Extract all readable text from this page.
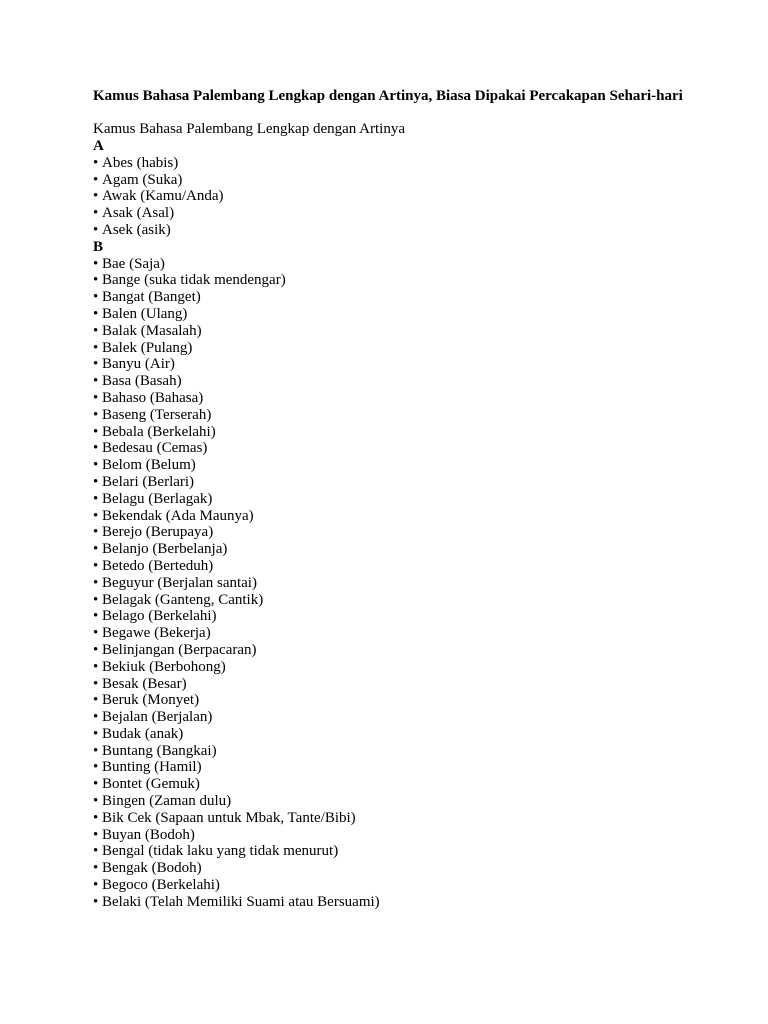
Kamus Bahasa Palembang Lengkap dengan Artinya, Biasa Dipakai Percakapan Sehari-hari

Kamus Bahasa Palembang Lengkap dengan Artinya

A
• Abes (habis)
• Agam (Suka)
• Awak (Kamu/Anda)
• Asak (Asal)
• Asek (asik)
B
• Bae (Saja)
• Bange (suka tidak mendengar)
• Bangat (Banget)
• Balen (Ulang)
• Balak (Masalah)
• Balek (Pulang)
• Banyu (Air)
• Basa (Basah)
• Bahaso (Bahasa)
• Baseng (Terserah)
• Bebala (Berkelahi)
• Bedesau (Cemas)
• Belom (Belum)
• Belari (Berlari)
• Belagu (Berlagak)
• Bekendak (Ada Maunya)
• Berejo (Berupaya)
• Belanjo (Berbelanja)
• Betedo (Berteduh)
• Beguyur (Berjalan santai)
• Belagak (Ganteng, Cantik)
• Belago (Berkelahi)
• Begawe (Bekerja)
• Belinjangan (Berpacaran)
• Bekiuk (Berbohong)
• Besak (Besar)
• Beruk (Monyet)
• Bejalan (Berjalan)
• Budak (anak)
• Buntang (Bangkai)
• Bunting (Hamil)
• Bontet (Gemuk)
• Bingen (Zaman dulu)
• Bik Cek (Sapaan untuk Mbak, Tante/Bibi)
• Buyan (Bodoh)
• Bengal (tidak laku yang tidak menurut)
• Bengak (Bodoh)
• Begoco (Berkelahi)
• Belaki (Telah Memiliki Suami atau Bersuami)
